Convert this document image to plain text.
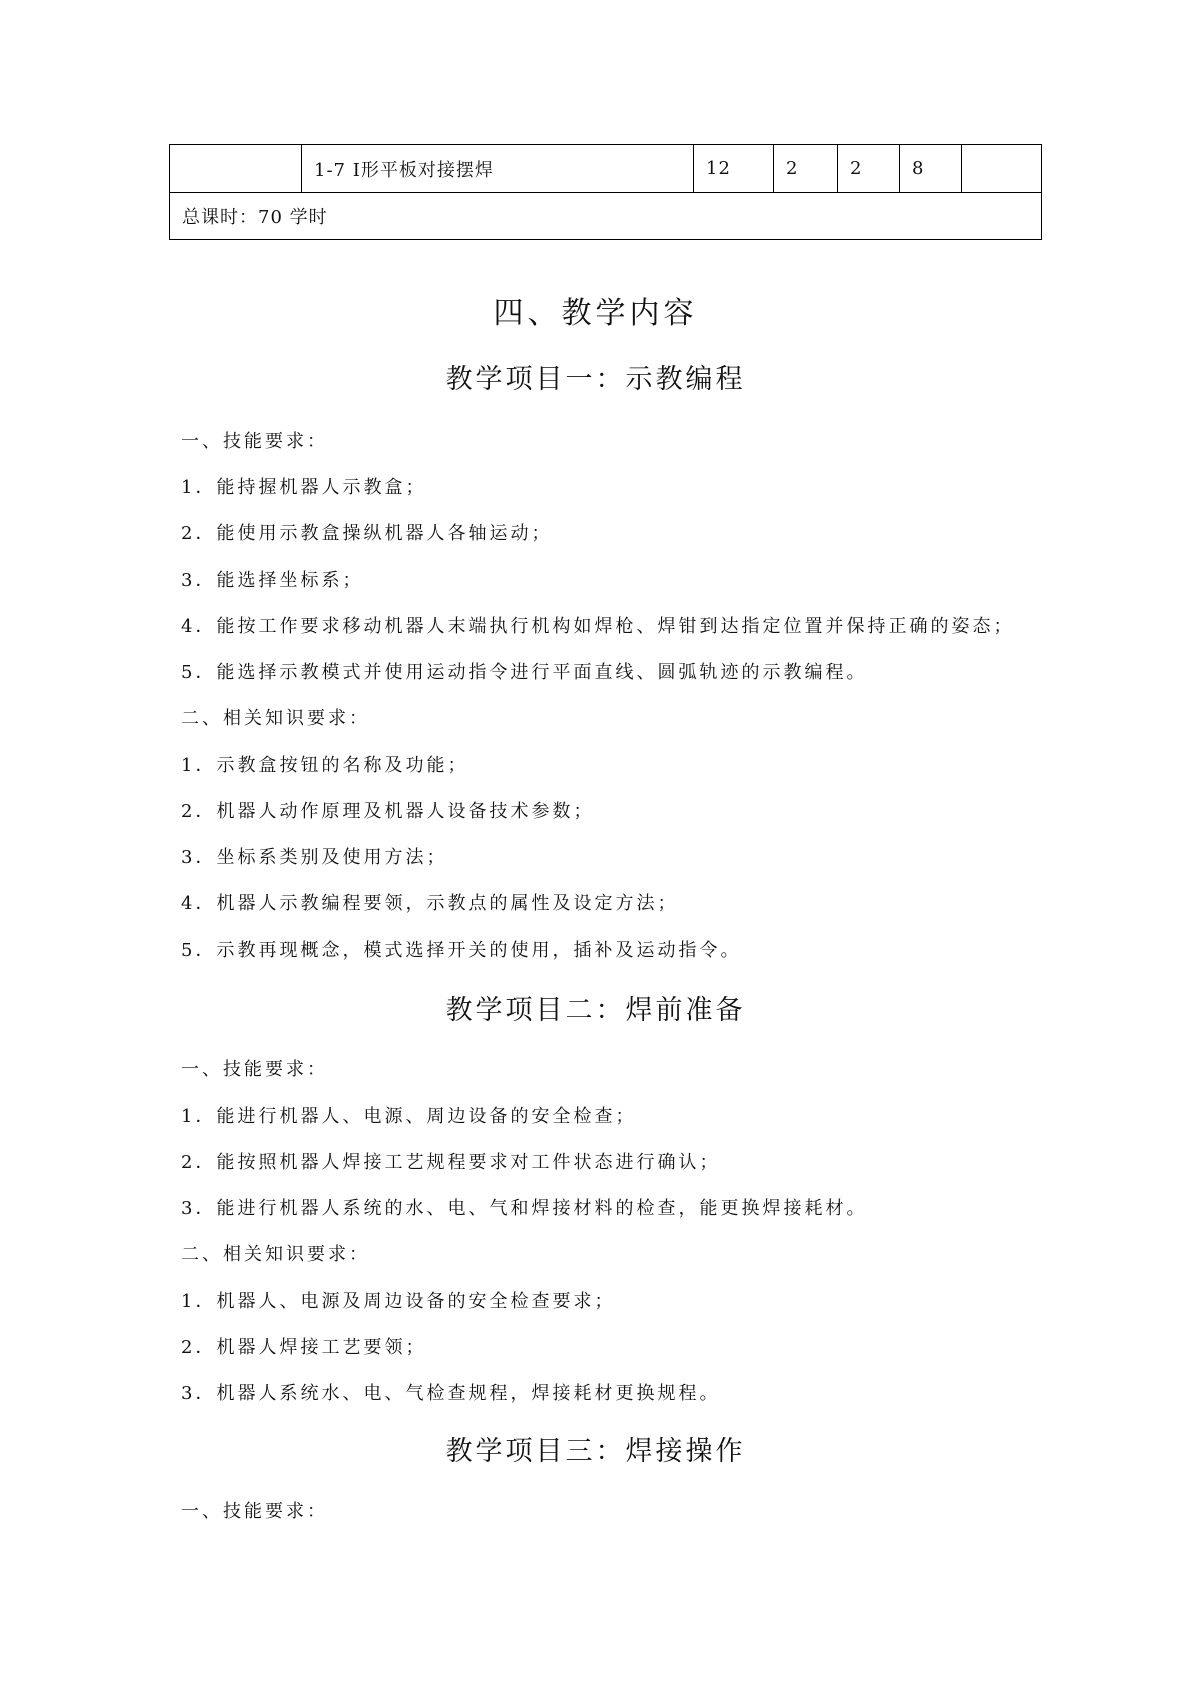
	1-7 I形平板对接摆焊	12	2	2	8	
总课时：70 学时
四、教学内容
教学项目一：示教编程
一、技能要求：
1．能持握机器人示教盒；
2．能使用示教盒操纵机器人各轴运动；
3．能选择坐标系；
4．能按工作要求移动机器人末端执行机构如焊枪、焊钳到达指定位置并保持正确的姿态；
5．能选择示教模式并使用运动指令进行平面直线、圆弧轨迹的示教编程。
二、相关知识要求：
1．示教盒按钮的名称及功能；
2．机器人动作原理及机器人设备技术参数；
3．坐标系类别及使用方法；
4．机器人示教编程要领，示教点的属性及设定方法；
5．示教再现概念，模式选择开关的使用，插补及运动指令。
教学项目二：焊前准备
一、技能要求：
1．能进行机器人、电源、周边设备的安全检查；
2．能按照机器人焊接工艺规程要求对工件状态进行确认；
3．能进行机器人系统的水、电、气和焊接材料的检查，能更换焊接耗材。
二、相关知识要求：
1．机器人、电源及周边设备的安全检查要求；
2．机器人焊接工艺要领；
3．机器人系统水、电、气检查规程，焊接耗材更换规程。
教学项目三：焊接操作
一、技能要求：
